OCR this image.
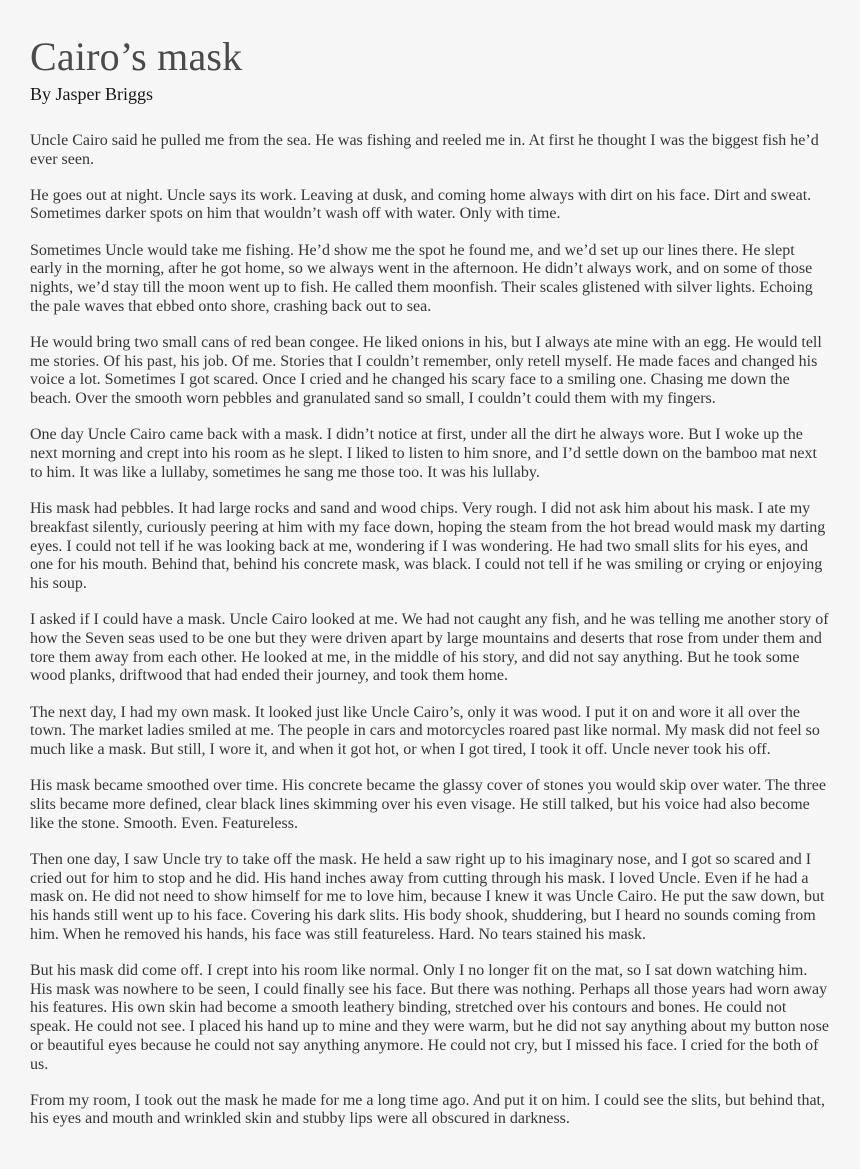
Cairo’s mask
By Jasper Briggs

Uncle Cairo said he pulled me from the sea. He was fishing and reeled me in. At first he thought I was the biggest fish he’d ever seen.

He goes out at night. Uncle says its work. Leaving at dusk, and coming home always with dirt on his face. Dirt and sweat. Sometimes darker spots on him that wouldn’t wash off with water. Only with time.

Sometimes Uncle would take me fishing. He’d show me the spot he found me, and we’d set up our lines there. He slept early in the morning, after he got home, so we always went in the afternoon. He didn’t always work, and on some of those nights, we’d stay till the moon went up to fish. He called them moonfish. Their scales glistened with silver lights. Echoing the pale waves that ebbed onto shore, crashing back out to sea.

He would bring two small cans of red bean congee. He liked onions in his, but I always ate mine with an egg. He would tell me stories. Of his past, his job. Of me. Stories that I couldn’t remember, only retell myself. He made faces and changed his voice a lot. Sometimes I got scared. Once I cried and he changed his scary face to a smiling one. Chasing me down the beach. Over the smooth worn pebbles and granulated sand so small, I couldn’t could them with my fingers.

One day Uncle Cairo came back with a mask. I didn’t notice at first, under all the dirt he always wore. But I woke up the next morning and crept into his room as he slept. I liked to listen to him snore, and I’d settle down on the bamboo mat next to him. It was like a lullaby, sometimes he sang me those too. It was his lullaby.

His mask had pebbles. It had large rocks and sand and wood chips. Very rough. I did not ask him about his mask. I ate my breakfast silently, curiously peering at him with my face down, hoping the steam from the hot bread would mask my darting eyes. I could not tell if he was looking back at me, wondering if I was wondering. He had two small slits for his eyes, and one for his mouth. Behind that, behind his concrete mask, was black. I could not tell if he was smiling or crying or enjoying his soup.

I asked if I could have a mask. Uncle Cairo looked at me. We had not caught any fish, and he was telling me another story of how the Seven seas used to be one but they were driven apart by large mountains and deserts that rose from under them and tore them away from each other. He looked at me, in the middle of his story, and did not say anything. But he took some wood planks, driftwood that had ended their journey, and took them home.

The next day, I had my own mask. It looked just like Uncle Cairo’s, only it was wood. I put it on and wore it all over the town. The market ladies smiled at me. The people in cars and motorcycles roared past like normal. My mask did not feel so much like a mask. But still, I wore it, and when it got hot, or when I got tired, I took it off. Uncle never took his off.

His mask became smoothed over time. His concrete became the glassy cover of stones you would skip over water. The three slits became more defined, clear black lines skimming over his even visage. He still talked, but his voice had also become like the stone. Smooth. Even. Featureless.

Then one day, I saw Uncle try to take off the mask. He held a saw right up to his imaginary nose, and I got so scared and I cried out for him to stop and he did. His hand inches away from cutting through his mask. I loved Uncle. Even if he had a mask on. He did not need to show himself for me to love him, because I knew it was Uncle Cairo. He put the saw down, but his hands still went up to his face. Covering his dark slits. His body shook, shuddering, but I heard no sounds coming from him. When he removed his hands, his face was still featureless. Hard. No tears stained his mask.

But his mask did come off. I crept into his room like normal. Only I no longer fit on the mat, so I sat down watching him. His mask was nowhere to be seen, I could finally see his face. But there was nothing. Perhaps all those years had worn away his features. His own skin had become a smooth leathery binding, stretched over his contours and bones. He could not speak. He could not see. I placed his hand up to mine and they were warm, but he did not say anything about my button nose or beautiful eyes because he could not say anything anymore. He could not cry, but I missed his face. I cried for the both of us.

From my room, I took out the mask he made for me a long time ago. And put it on him. I could see the slits, but behind that, his eyes and mouth and wrinkled skin and stubby lips were all obscured in darkness.
